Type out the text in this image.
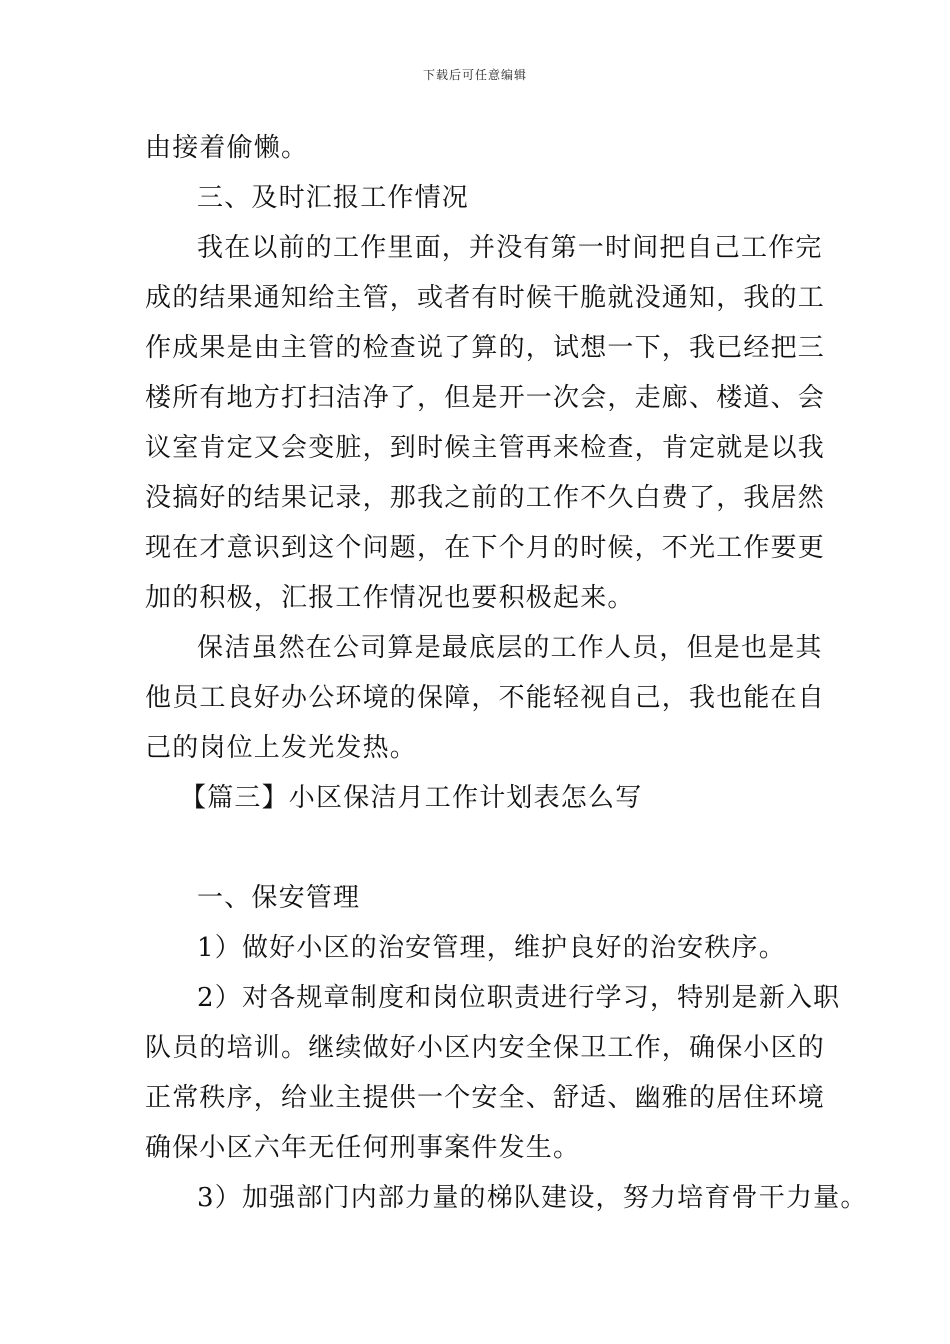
下载后可任意编辑
由接着偷懒。
三、及时汇报工作情况
我在以前的工作里面，并没有第一时间把自己工作完
成的结果通知给主管，或者有时候干脆就没通知，我的工
作成果是由主管的检查说了算的，试想一下，我已经把三
楼所有地方打扫洁净了，但是开一次会，走廊、楼道、会
议室肯定又会变脏，到时候主管再来检查，肯定就是以我
没搞好的结果记录，那我之前的工作不久白费了，我居然
现在才意识到这个问题，在下个月的时候，不光工作要更
加的积极，汇报工作情况也要积极起来。
保洁虽然在公司算是最底层的工作人员，但是也是其
他员工良好办公环境的保障，不能轻视自己，我也能在自
己的岗位上发光发热。
【篇三】小区保洁月工作计划表怎么写
一、保安管理
1）做好小区的治安管理，维护良好的治安秩序。
2）对各规章制度和岗位职责进行学习，特别是新入职
队员的培训。继续做好小区内安全保卫工作，确保小区的
正常秩序，给业主提供一个安全、舒适、幽雅的居住环境
确保小区六年无任何刑事案件发生。
3）加强部门内部力量的梯队建设，努力培育骨干力量。
